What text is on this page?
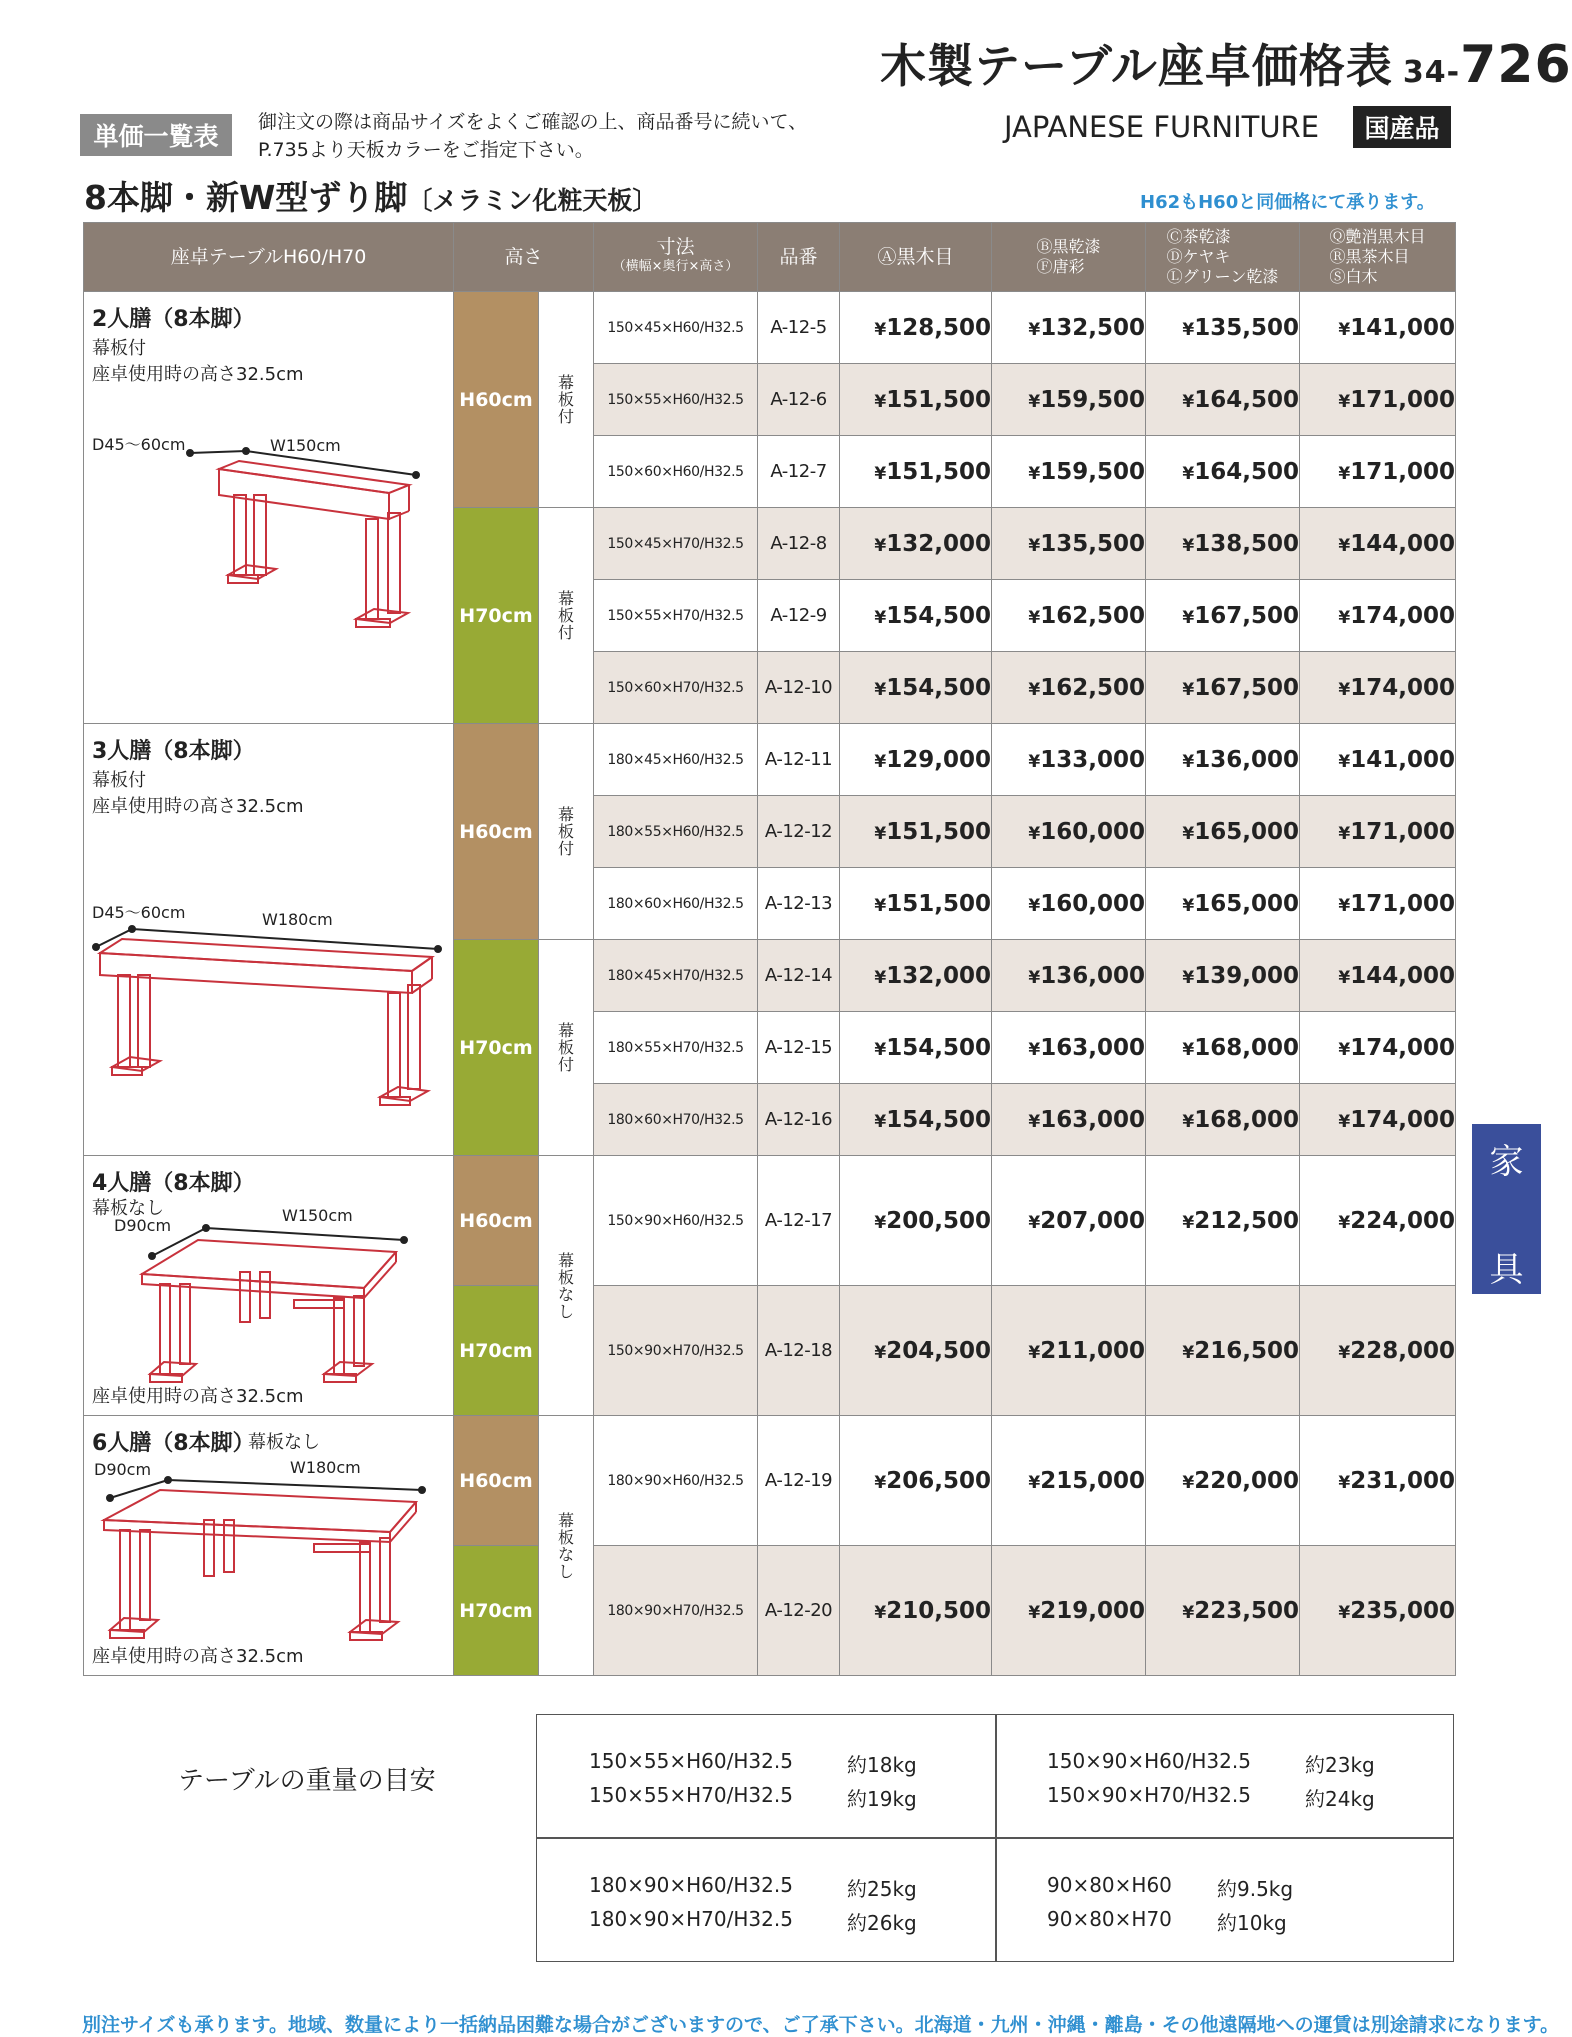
木製テーブル座卓価格表 34-726
単価一覧表	御注文の際は商品サイズをよくご確認の上、商品番号に続いて、
P.735より天板カラーをご指定下さい。
JAPANESE FURNITURE	国産品
8本脚・新W型ずり脚〔メラミン化粧天板〕	H62もH60と同価格にて承ります。
座卓テーブルH60/H70	高さ		寸法
（横幅×奥行×高さ）	品番	Ⓐ黒木目	Ⓑ黒乾漆
Ⓕ唐彩	Ⓒ茶乾漆
Ⓓケヤキ
Ⓛグリーン乾漆	Ⓠ艶消黒木目
Ⓡ黒茶木目
Ⓢ白木

2人膳（8本脚）
幕板付
座卓使用時の高さ32.5cm
D45～60cm W150cm	H60cm	幕板付	150×45×H60/H32.5	A-12-5	¥128,500	¥132,500	¥135,500	¥141,000
			150×55×H60/H32.5	A-12-6	¥151,500	¥159,500	¥164,500	¥171,000
			150×60×H60/H32.5	A-12-7	¥151,500	¥159,500	¥164,500	¥171,000
	H70cm	幕板付	150×45×H70/H32.5	A-12-8	¥132,000	¥135,500	¥138,500	¥144,000
			150×55×H70/H32.5	A-12-9	¥154,500	¥162,500	¥167,500	¥174,000
			150×60×H70/H32.5	A-12-10	¥154,500	¥162,500	¥167,500	¥174,000

3人膳（8本脚）
幕板付
座卓使用時の高さ32.5cm
D45～60cm W180cm	H60cm	幕板付	180×45×H60/H32.5	A-12-11	¥129,000	¥133,000	¥136,000	¥141,000
			180×55×H60/H32.5	A-12-12	¥151,500	¥160,000	¥165,000	¥171,000
			180×60×H60/H32.5	A-12-13	¥151,500	¥160,000	¥165,000	¥171,000
	H70cm	幕板付	180×45×H70/H32.5	A-12-14	¥132,000	¥136,000	¥139,000	¥144,000
			180×55×H70/H32.5	A-12-15	¥154,500	¥163,000	¥168,000	¥174,000
			180×60×H70/H32.5	A-12-16	¥154,500	¥163,000	¥168,000	¥174,000

4人膳（8本脚）
幕板なし
D90cm
W150cm
座卓使用時の高さ32.5cm	H60cm	幕板なし	150×90×H60/H32.5	A-12-17	¥200,500	¥207,000	¥212,500	¥224,000
	H70cm		150×90×H70/H32.5	A-12-18	¥204,500	¥211,000	¥216,500	¥228,000

6人膳（8本脚）
幕板なし
D90cm W180cm
座卓使用時の高さ32.5cm	H60cm	幕板なし	180×90×H60/H32.5	A-12-19	¥206,500	¥215,000	¥220,000	¥231,000
	H70cm		180×90×H70/H32.5	A-12-20	¥210,500	¥219,000	¥223,500	¥235,000
家
具
テーブルの重量の目安
150×55×H60/H32.5	約18kg
150×55×H70/H32.5	約19kg
150×90×H60/H32.5	約23kg
150×90×H70/H32.5	約24kg
180×90×H60/H32.5	約25kg
180×90×H70/H32.5	約26kg
90×80×H60 約9.5kg
90×80×H70 約10kg
別注サイズも承ります。地域、数量により一括納品困難な場合がございますので、ご了承下さい。北海道・九州・沖縄・離島・その他遠隔地への運賃は別途請求になります。
